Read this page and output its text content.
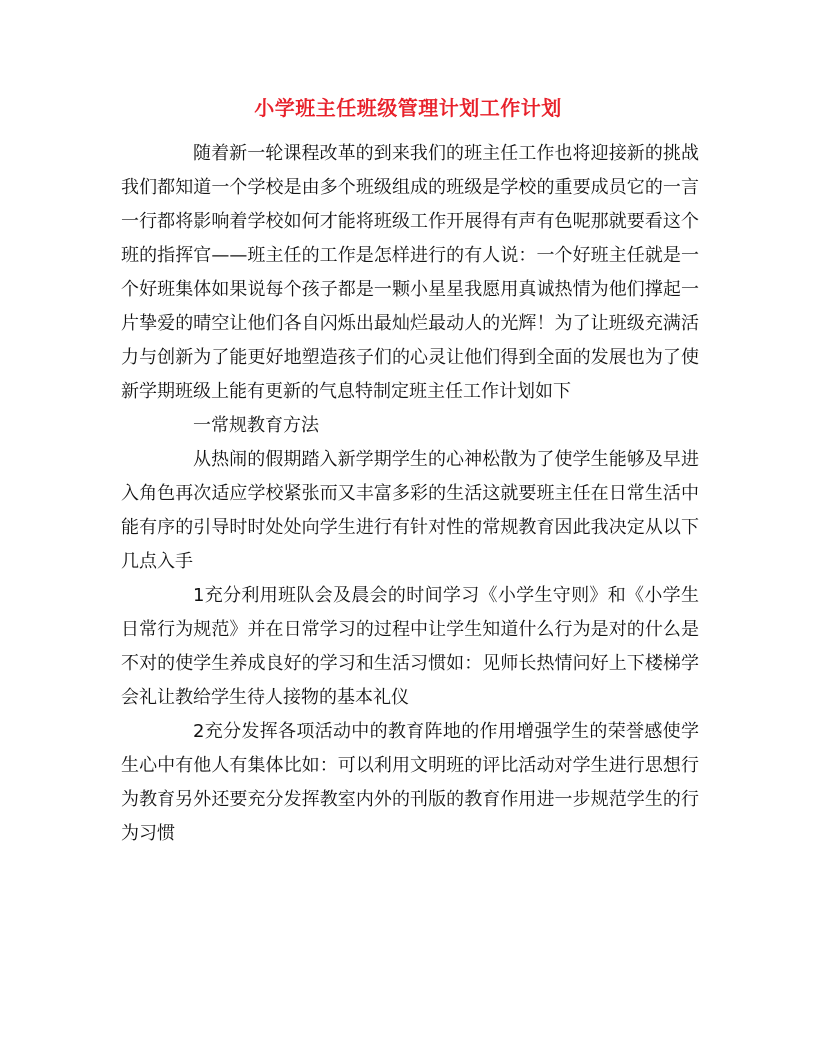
小学班主任班级管理计划工作计划

随着新一轮课程改革的到来我们的班主任工作也将迎接新的挑战我们都知道一个学校是由多个班级组成的班级是学校的重要成员它的一言一行都将影响着学校如何才能将班级工作开展得有声有色呢那就要看这个班的指挥官——班主任的工作是怎样进行的有人说：一个好班主任就是一个好班集体如果说每个孩子都是一颗小星星我愿用真诚热情为他们撑起一片挚爱的晴空让他们各自闪烁出最灿烂最动人的光辉！为了让班级充满活力与创新为了能更好地塑造孩子们的心灵让他们得到全面的发展也为了使新学期班级上能有更新的气息特制定班主任工作计划如下

一常规教育方法

从热闹的假期踏入新学期学生的心神松散为了使学生能够及早进入角色再次适应学校紧张而又丰富多彩的生活这就要班主任在日常生活中能有序的引导时时处处向学生进行有针对性的常规教育因此我决定从以下几点入手

1充分利用班队会及晨会的时间学习《小学生守则》和《小学生日常行为规范》并在日常学习的过程中让学生知道什么行为是对的什么是不对的使学生养成良好的学习和生活习惯如：见师长热情问好上下楼梯学会礼让教给学生待人接物的基本礼仪

2充分发挥各项活动中的教育阵地的作用增强学生的荣誉感使学生心中有他人有集体比如：可以利用文明班的评比活动对学生进行思想行为教育另外还要充分发挥教室内外的刊版的教育作用进一步规范学生的行为习惯
